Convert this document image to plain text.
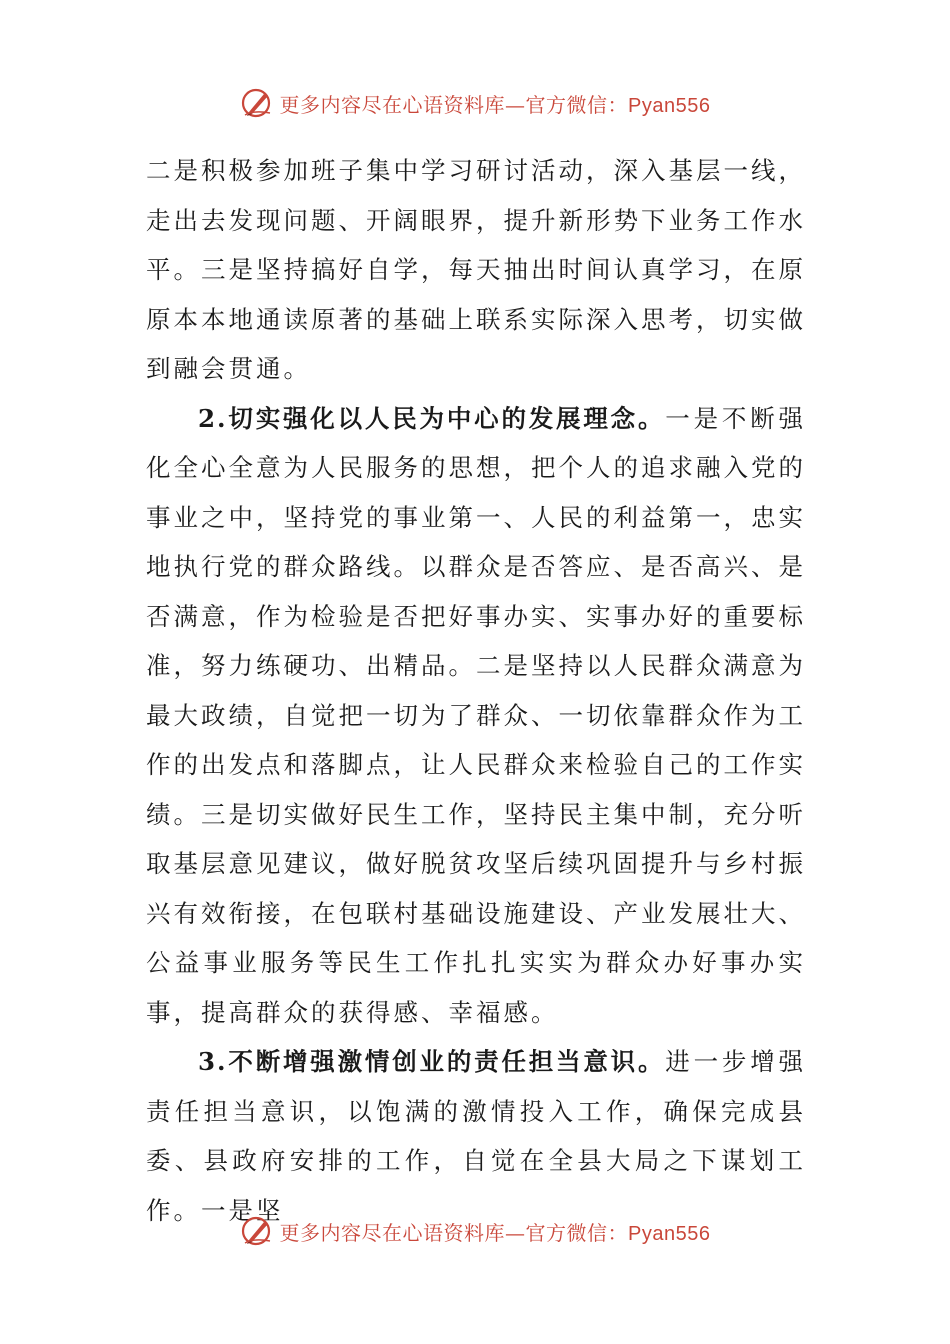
更多内容尽在心语资料库—官方微信：Pyan556

二是积极参加班子集中学习研讨活动，深入基层一线，走出去发现问题、开阔眼界，提升新形势下业务工作水平。三是坚持搞好自学，每天抽出时间认真学习，在原原本本地通读原著的基础上联系实际深入思考，切实做到融会贯通。

2.切实强化以人民为中心的发展理念。一是不断强化全心全意为人民服务的思想，把个人的追求融入党的事业之中，坚持党的事业第一、人民的利益第一，忠实地执行党的群众路线。以群众是否答应、是否高兴、是否满意，作为检验是否把好事办实、实事办好的重要标准，努力练硬功、出精品。二是坚持以人民群众满意为最大政绩，自觉把一切为了群众、一切依靠群众作为工作的出发点和落脚点，让人民群众来检验自己的工作实绩。三是切实做好民生工作，坚持民主集中制，充分听取基层意见建议，做好脱贫攻坚后续巩固提升与乡村振兴有效衔接，在包联村基础设施建设、产业发展壮大、公益事业服务等民生工作扎扎实实为群众办好事办实事，提高群众的获得感、幸福感。

3.不断增强激情创业的责任担当意识。进一步增强责任担当意识，以饱满的激情投入工作，确保完成县委、县政府安排的工作，自觉在全县大局之下谋划工作。一是坚

更多内容尽在心语资料库—官方微信：Pyan556
